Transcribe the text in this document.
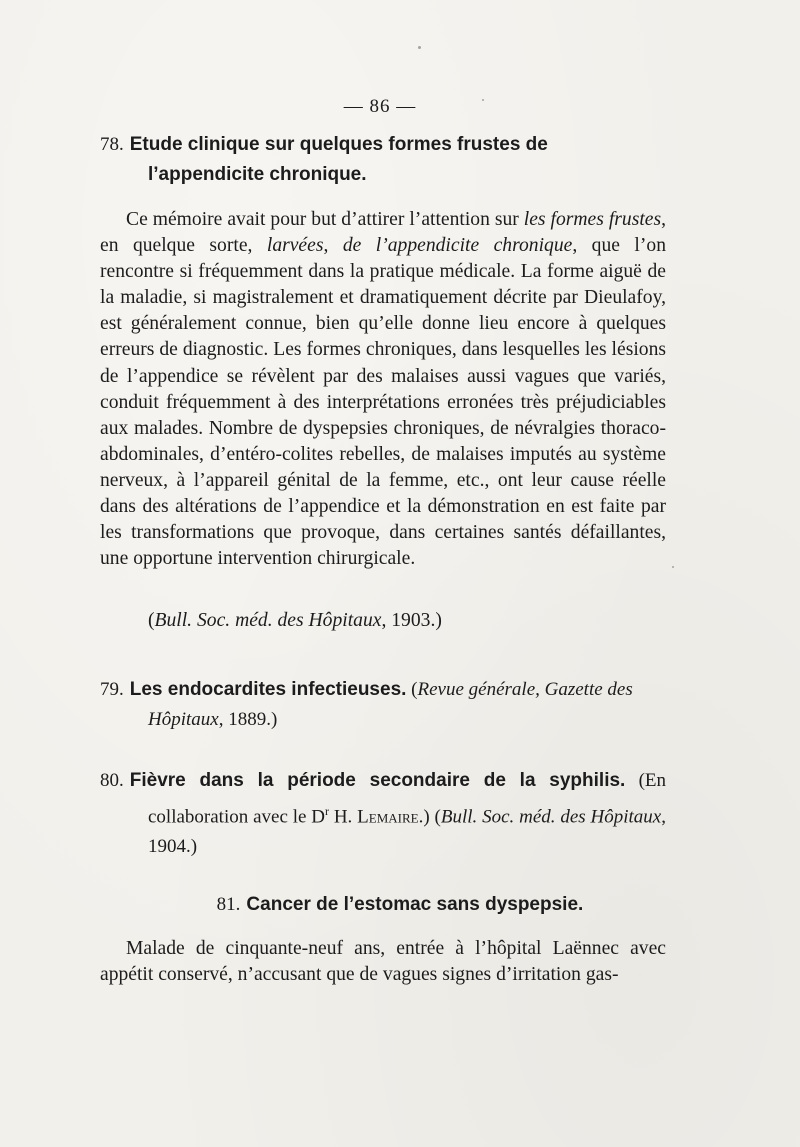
— 86 —
78. Etude clinique sur quelques formes frustes de l’appendicite chronique.

Ce mémoire avait pour but d’attirer l’attention sur les formes frustes, en quelque sorte, larvées, de l’appendicite chronique, que l’on rencontre si fréquemment dans la pratique médicale. La forme aiguë de la maladie, si magistralement et dramatiquement décrite par Dieulafoy, est généralement connue, bien qu’elle donne lieu encore à quelques erreurs de diagnostic. Les formes chroniques, dans lesquelles les lésions de l’appendice se révèlent par des malaises aussi vagues que variés, conduit fréquemment à des interprétations erronées très préjudiciables aux malades. Nombre de dyspepsies chroniques, de névralgies thoraco-abdominales, d’entéro-colites rebelles, de malaises imputés au système nerveux, à l’appareil génital de la femme, etc., ont leur cause réelle dans des altérations de l’appendice et la démonstration en est faite par les transformations que provoque, dans certaines santés défaillantes, une opportune intervention chirurgicale.

(Bull. Soc. méd. des Hôpitaux, 1903.)
79. Les endocardites infectieuses. (Revue générale, Gazette des Hôpitaux, 1889.)
80. Fièvre dans la période secondaire de la syphilis. (En collaboration avec le $D^r$ H. Lemaire.) (Bull. Soc. méd. des Hôpitaux, 1904.)
81. Cancer de l’estomac sans dyspepsie.

Malade de cinquante-neuf ans, entrée à l’hôpital Laënnec avec appétit conservé, n’accusant que de vagues signes d’irritation gas-
